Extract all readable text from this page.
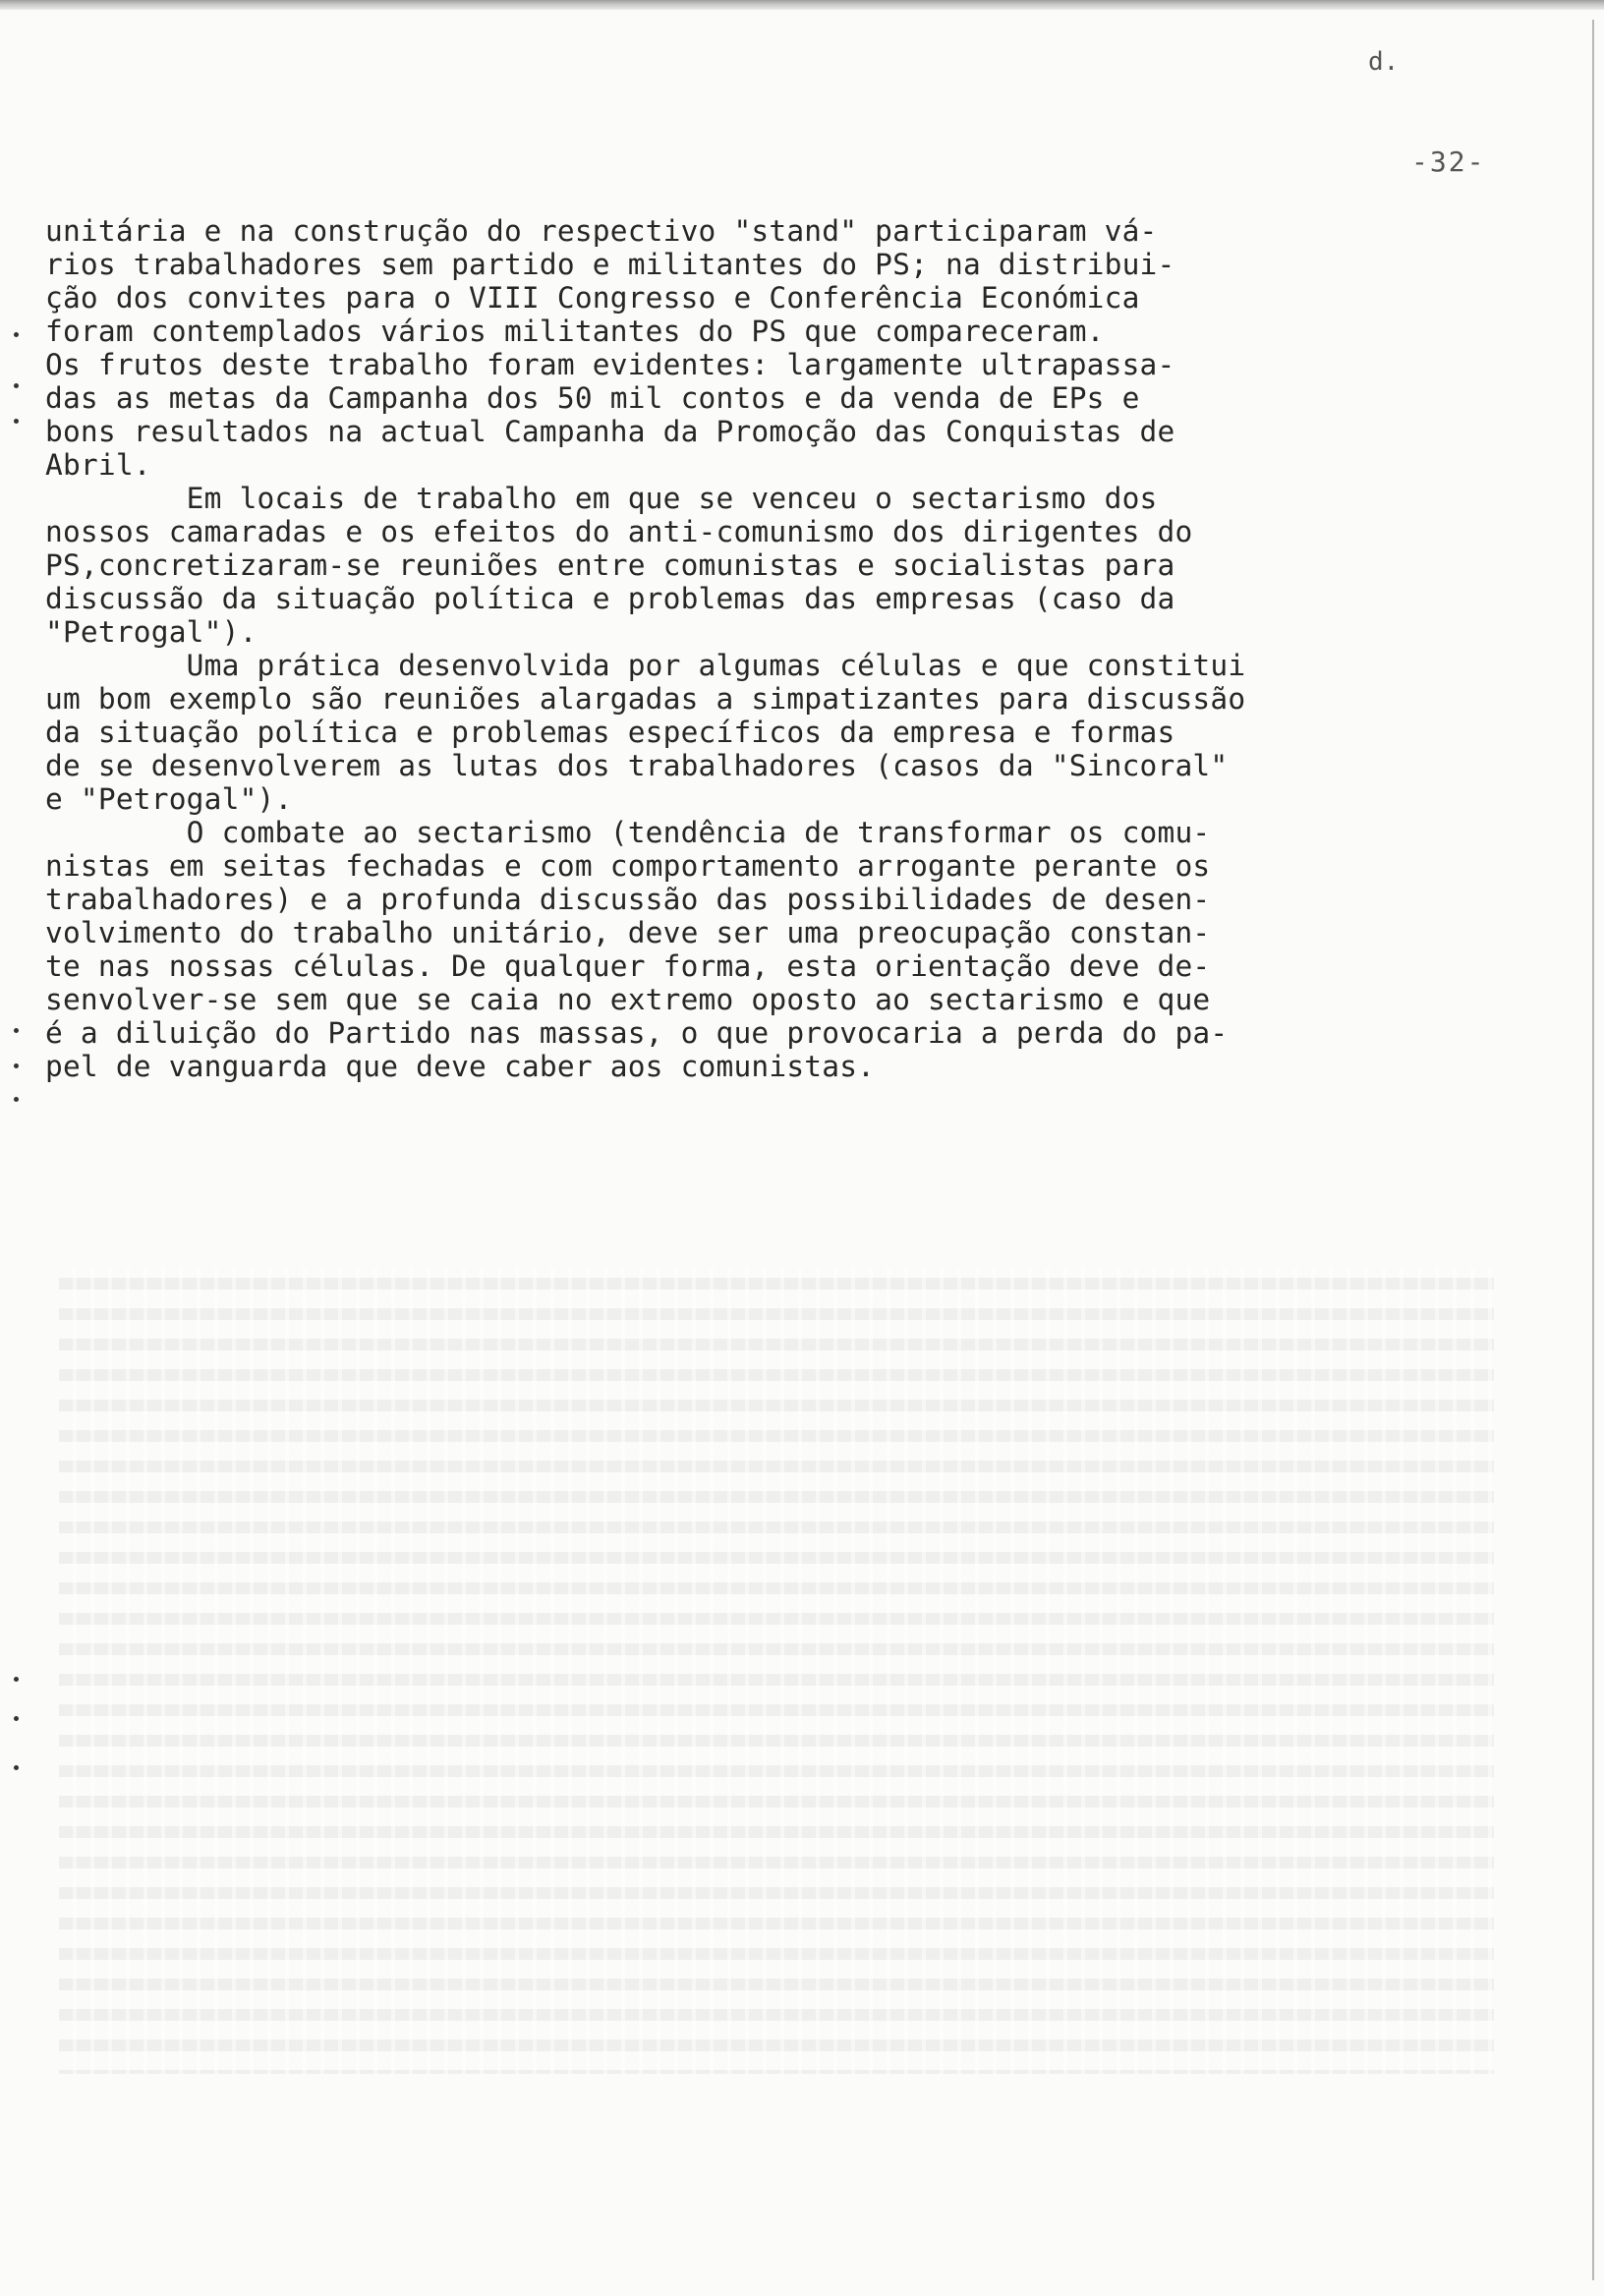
d.
-32-
unitária e na construção do respectivo "stand" participaram vá-
rios trabalhadores sem partido e militantes do PS; na distribui-
ção dos convites para o VIII Congresso e Conferência Económica
foram contemplados vários militantes do PS que compareceram.
Os frutos deste trabalho foram evidentes: largamente ultrapassa-
das as metas da Campanha dos 50 mil contos e da venda de EPs e
bons resultados na actual Campanha da Promoção das Conquistas de
Abril.
Em locais de trabalho em que se venceu o sectarismo dos
nossos camaradas e os efeitos do anti-comunismo dos dirigentes do
PS,concretizaram-se reuniões entre comunistas e socialistas para
discussão da situação política e problemas das empresas (caso da
"Petrogal").
Uma prática desenvolvida por algumas células e que constitui
um bom exemplo são reuniões alargadas a simpatizantes para discussão
da situação política e problemas específicos da empresa e formas
de se desenvolverem as lutas dos trabalhadores (casos da "Sincoral"
e "Petrogal").
O combate ao sectarismo (tendência de transformar os comu-
nistas em seitas fechadas e com comportamento arrogante perante os
trabalhadores) e a profunda discussão das possibilidades de desen-
volvimento do trabalho unitário, deve ser uma preocupação constan-
te nas nossas células. De qualquer forma, esta orientação deve de-
senvolver-se sem que se caia no extremo oposto ao sectarismo e que
é a diluição do Partido nas massas, o que provocaria a perda do pa-
pel de vanguarda que deve caber aos comunistas.
